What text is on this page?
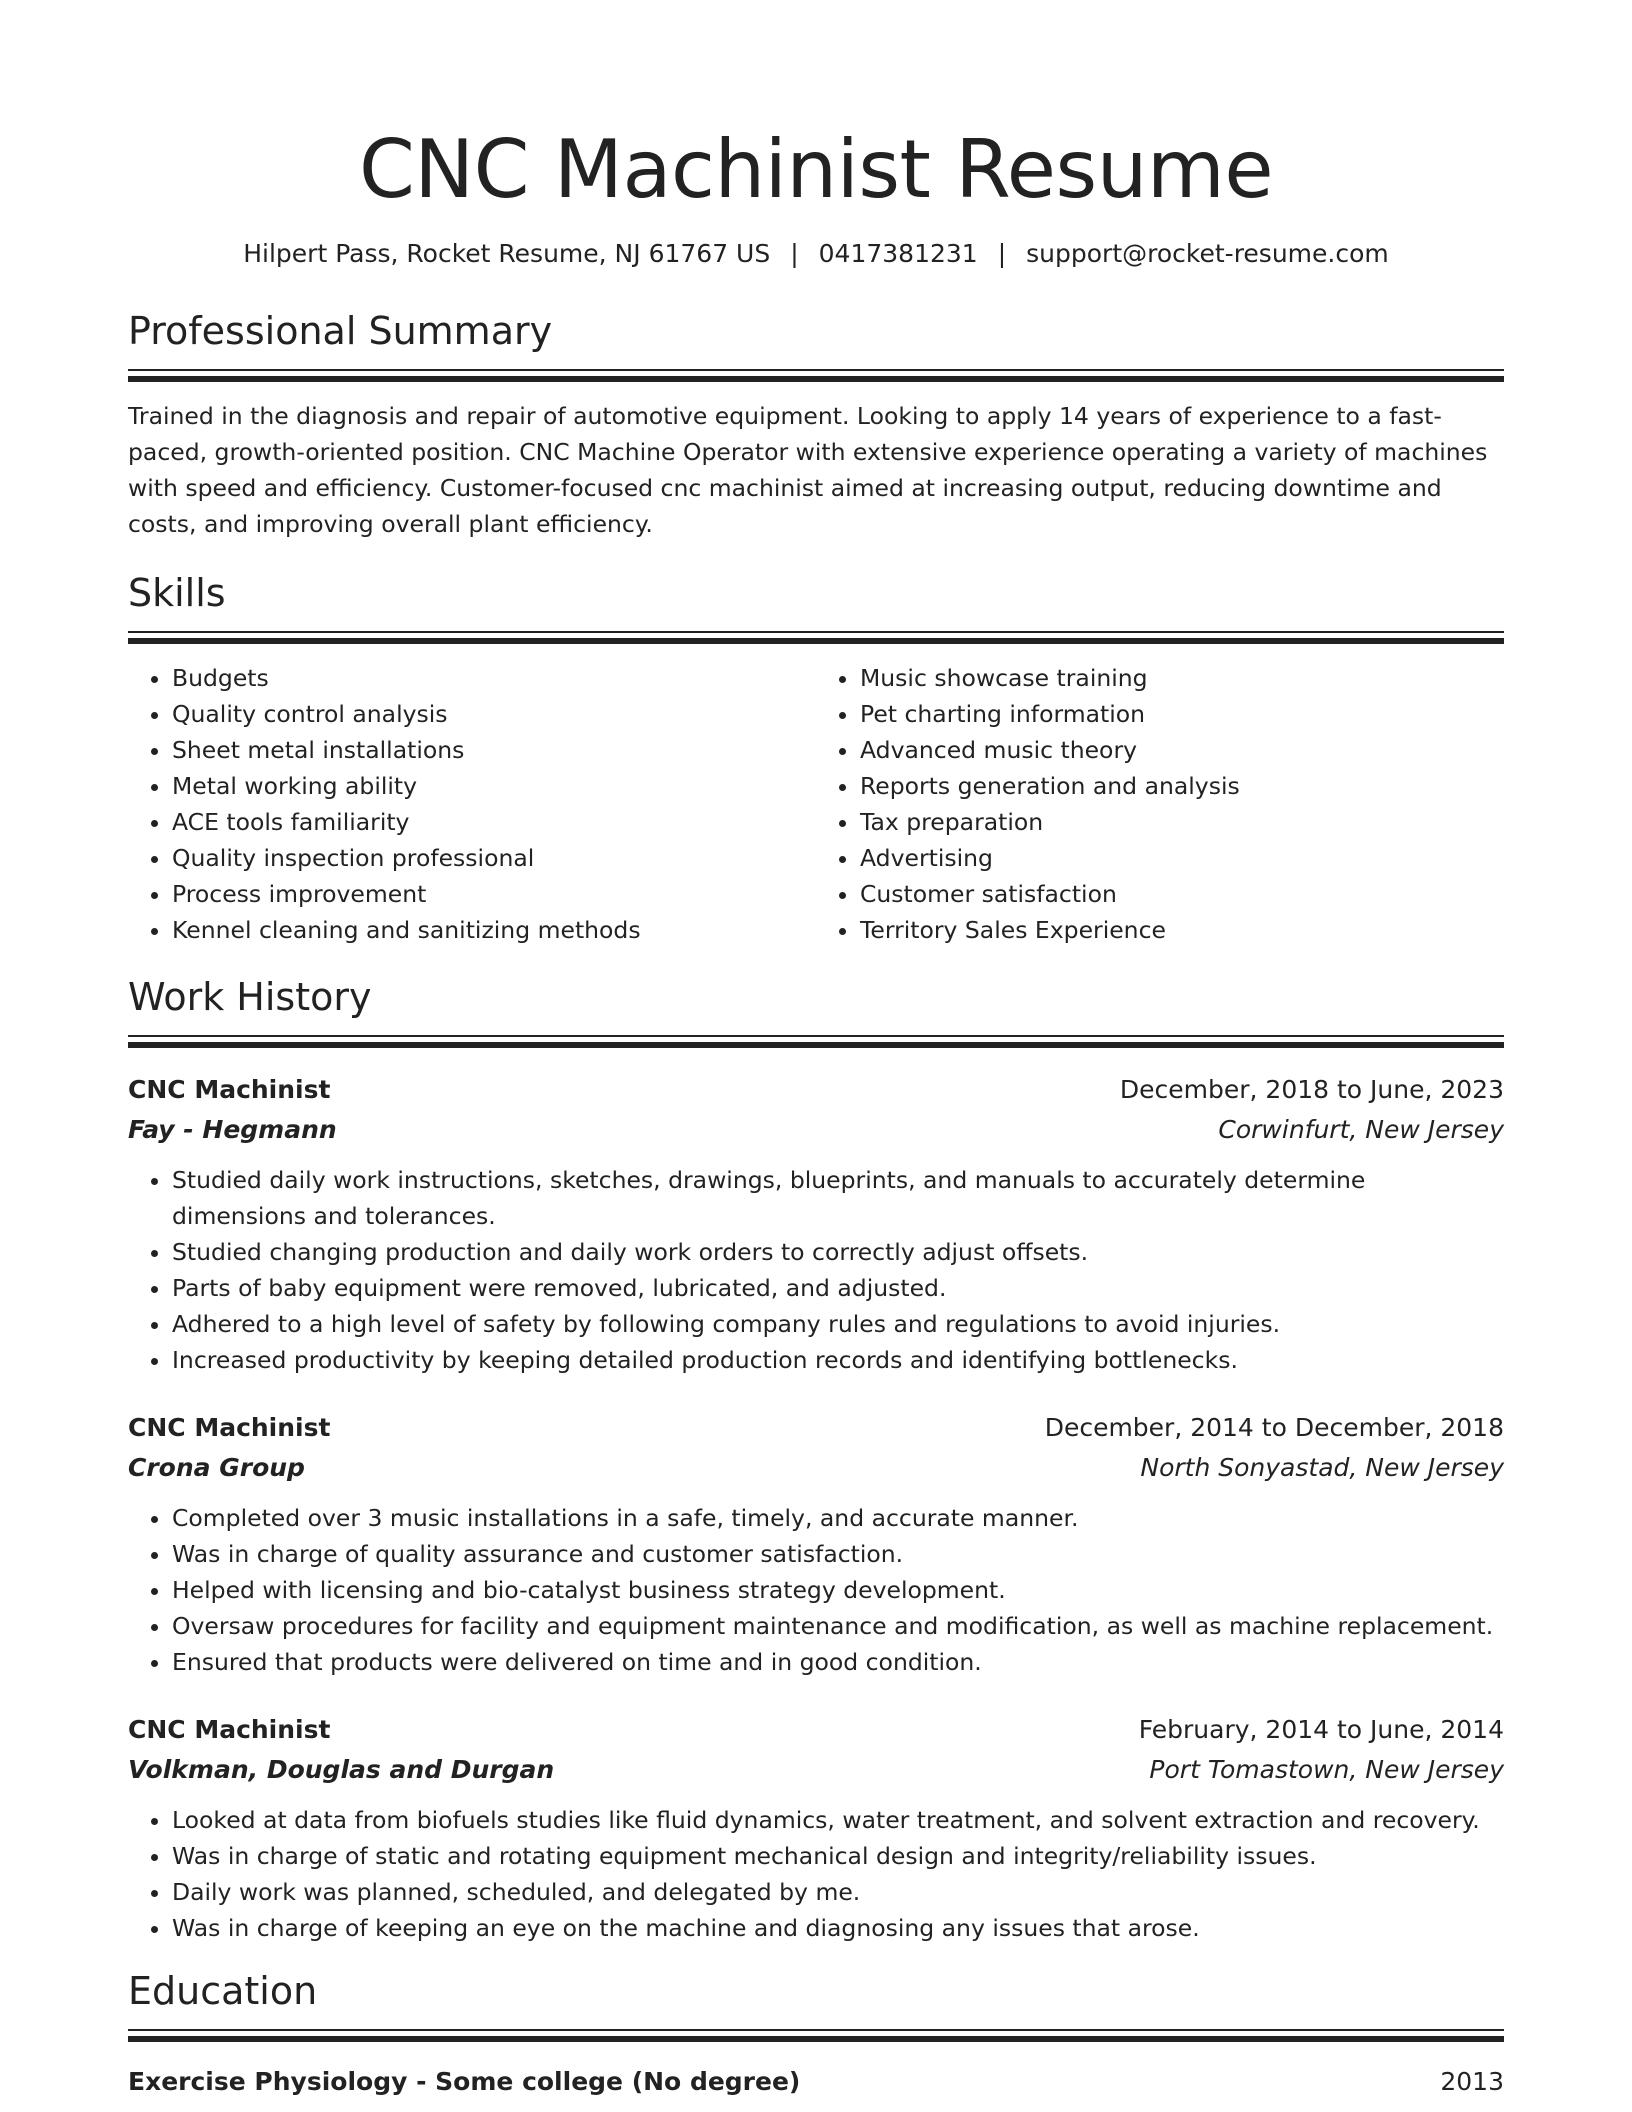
CNC Machinist Resume
Hilpert Pass, Rocket Resume, NJ 61767 US | 0417381231 | support@rocket-resume.com
Professional Summary
Trained in the diagnosis and repair of automotive equipment. Looking to apply 14 years of experience to a fast-paced, growth-oriented position. CNC Machine Operator with extensive experience operating a variety of machines with speed and efficiency. Customer-focused cnc machinist aimed at increasing output, reducing downtime and costs, and improving overall plant efficiency.
Skills
• Budgets
• Quality control analysis
• Sheet metal installations
• Metal working ability
• ACE tools familiarity
• Quality inspection professional
• Process improvement
• Kennel cleaning and sanitizing methods
• Music showcase training
• Pet charting information
• Advanced music theory
• Reports generation and analysis
• Tax preparation
• Advertising
• Customer satisfaction
• Territory Sales Experience
Work History
CNC Machinist	December, 2018 to June, 2023
Fay - Hegmann	Corwinfurt, New Jersey
• Studied daily work instructions, sketches, drawings, blueprints, and manuals to accurately determine dimensions and tolerances.
• Studied changing production and daily work orders to correctly adjust offsets.
• Parts of baby equipment were removed, lubricated, and adjusted.
• Adhered to a high level of safety by following company rules and regulations to avoid injuries.
• Increased productivity by keeping detailed production records and identifying bottlenecks.
CNC Machinist	December, 2014 to December, 2018
Crona Group	North Sonyastad, New Jersey
• Completed over 3 music installations in a safe, timely, and accurate manner.
• Was in charge of quality assurance and customer satisfaction.
• Helped with licensing and bio-catalyst business strategy development.
• Oversaw procedures for facility and equipment maintenance and modification, as well as machine replacement.
• Ensured that products were delivered on time and in good condition.
CNC Machinist	February, 2014 to June, 2014
Volkman, Douglas and Durgan	Port Tomastown, New Jersey
• Looked at data from biofuels studies like fluid dynamics, water treatment, and solvent extraction and recovery.
• Was in charge of static and rotating equipment mechanical design and integrity/reliability issues.
• Daily work was planned, scheduled, and delegated by me.
• Was in charge of keeping an eye on the machine and diagnosing any issues that arose.
Education
Exercise Physiology - Some college (No degree)	2013
